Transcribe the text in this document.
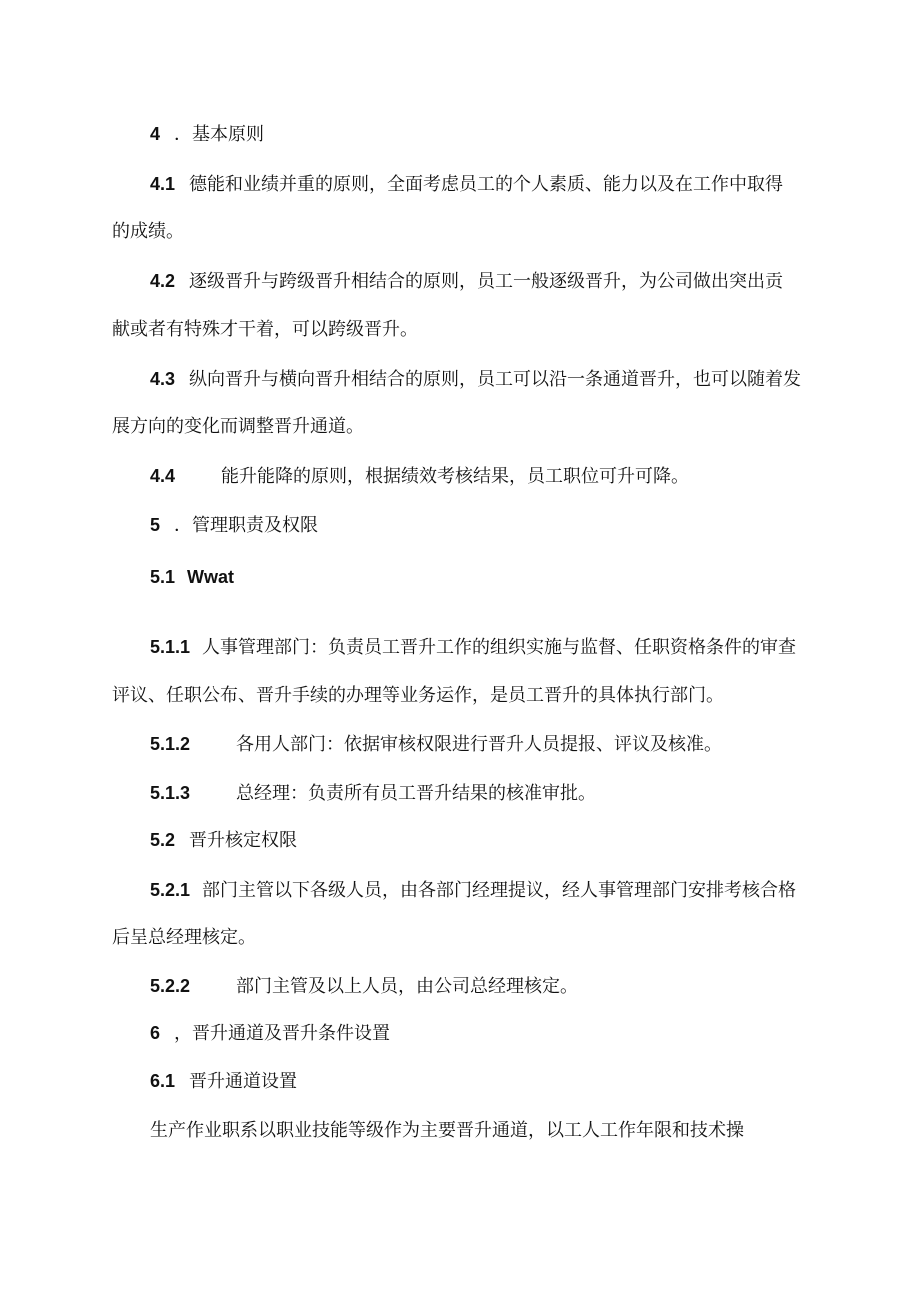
4 ．基本原则
4.1 德能和业绩并重的原则，全面考虑员工的个人素质、能力以及在工作中取得
的成绩。
4.2 逐级晋升与跨级晋升相结合的原则，员工一般逐级晋升，为公司做出突出贡
献或者有特殊才干着，可以跨级晋升。
4.3 纵向晋升与横向晋升相结合的原则，员工可以沿一条通道晋升，也可以随着发
展方向的变化而调整晋升通道。
4.4	能升能降的原则，根据绩效考核结果，员工职位可升可降。
5 ．管理职责及权限
5.1 Wwat
5.1.1 人事管理部门：负责员工晋升工作的组织实施与监督、任职资格条件的审查
评议、任职公布、晋升手续的办理等业务运作，是员工晋升的具体执行部门。
5.1.2	各用人部门：依据审核权限进行晋升人员提报、评议及核准。
5.1.3	总经理：负责所有员工晋升结果的核准审批。
5.2 晋升核定权限
5.2.1 部门主管以下各级人员，由各部门经理提议，经人事管理部门安排考核合格
后呈总经理核定。
5.2.2	部门主管及以上人员，由公司总经理核定。
6 ，晋升通道及晋升条件设置
6.1 晋升通道设置
生产作业职系以职业技能等级作为主要晋升通道，以工人工作年限和技术操
